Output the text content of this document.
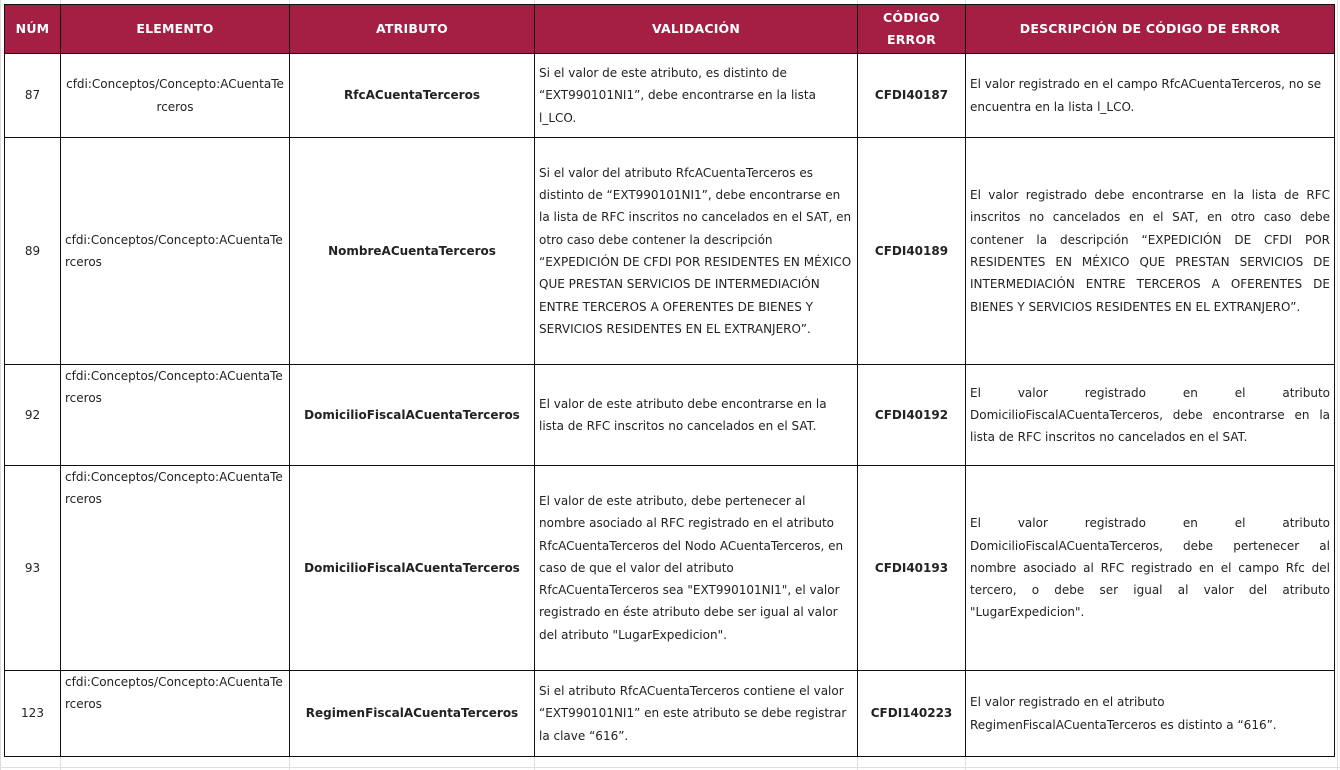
NÚM	ELEMENTO	ATRIBUTO	VALIDACIÓN	CÓDIGO ERROR	DESCRIPCIÓN DE CÓDIGO DE ERROR
87	cfdi:Conceptos/Concepto:ACuentaTerceros	RfcACuentaTerceros	Si el valor de este atributo, es distinto de “EXT990101NI1”, debe encontrarse en la lista l_LCO.	CFDI40187	El valor registrado en el campo RfcACuentaTerceros, no se encuentra en la lista l_LCO.
89	cfdi:Conceptos/Concepto:ACuentaTerceros	NombreACuentaTerceros	Si el valor del atributo RfcACuentaTerceros es distinto de “EXT990101NI1”, debe encontrarse en la lista de RFC inscritos no cancelados en el SAT, en otro caso debe contener la descripción “EXPEDICIÓN DE CFDI POR RESIDENTES EN MÉXICO QUE PRESTAN SERVICIOS DE INTERMEDIACIÓN ENTRE TERCEROS A OFERENTES DE BIENES Y SERVICIOS RESIDENTES EN EL EXTRANJERO”.	CFDI40189	El valor registrado debe encontrarse en la lista de RFC inscritos no cancelados en el SAT, en otro caso debe contener la descripción “EXPEDICIÓN DE CFDI POR RESIDENTES EN MÉXICO QUE PRESTAN SERVICIOS DE INTERMEDIACIÓN ENTRE TERCEROS A OFERENTES DE BIENES Y SERVICIOS RESIDENTES EN EL EXTRANJERO”.
92	cfdi:Conceptos/Concepto:ACuentaTerceros	DomicilioFiscalACuentaTerceros	El valor de este atributo debe encontrarse en la lista de RFC inscritos no cancelados en el SAT.	CFDI40192	El valor registrado en el atributo DomicilioFiscalACuentaTerceros, debe encontrarse en la lista de RFC inscritos no cancelados en el SAT.
93	cfdi:Conceptos/Concepto:ACuentaTerceros	DomicilioFiscalACuentaTerceros	El valor de este atributo, debe pertenecer al nombre asociado al RFC registrado en el atributo RfcACuentaTerceros del Nodo ACuentaTerceros, en caso de que el valor del atributo RfcACuentaTerceros sea "EXT990101NI1", el valor registrado en éste atributo debe ser igual al valor del atributo "LugarExpedicion".	CFDI40193	El valor registrado en el atributo DomicilioFiscalACuentaTerceros, debe pertenecer al nombre asociado al RFC registrado en el campo Rfc del tercero, o debe ser igual al valor del atributo "LugarExpedicion".
123	cfdi:Conceptos/Concepto:ACuentaTerceros	RegimenFiscalACuentaTerceros	Si el atributo RfcACuentaTerceros contiene el valor “EXT990101NI1” en este atributo se debe registrar la clave “616”.	CFDI140223	El valor registrado en el atributo RegimenFiscalACuentaTerceros es distinto a “616”.
